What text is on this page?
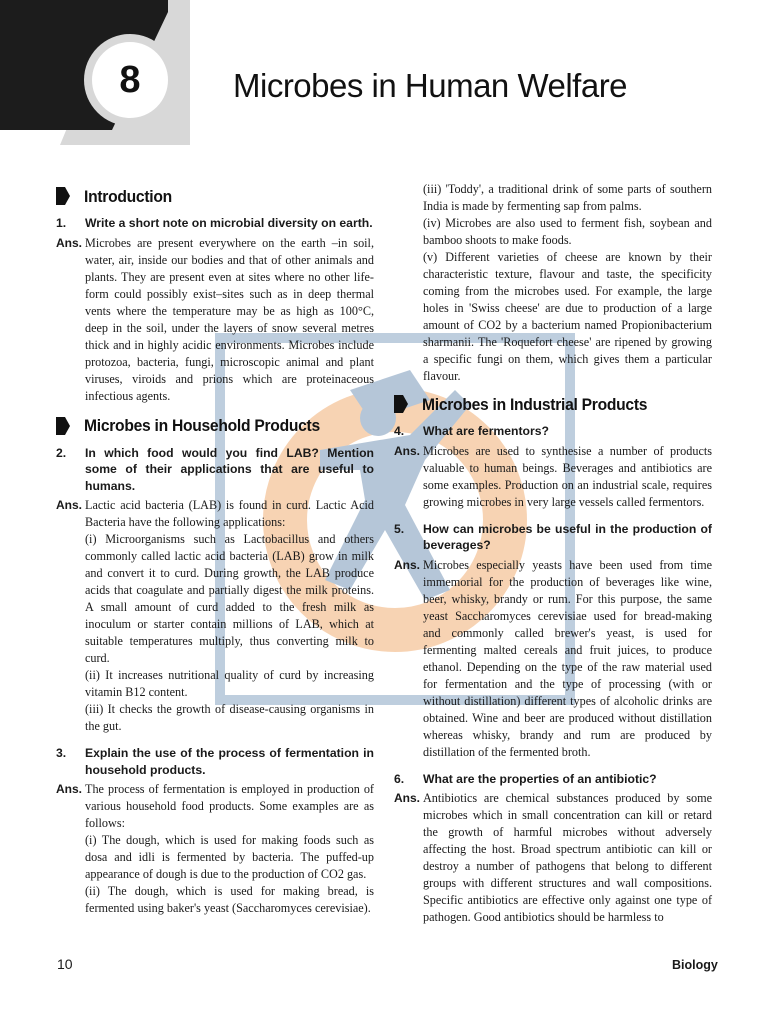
8	Microbes in Human Welfare
Introduction
1.	Write a short note on microbial diversity on earth.
Ans. Microbes are present everywhere on the earth –in soil, water, air, inside our bodies and that of other animals and plants. They are present even at sites where no other life-form could possibly exist–sites such as in deep thermal vents where the temperature may be as high as 100°C, deep in the soil, under the layers of snow several metres thick and in highly acidic environments. Microbes include protozoa, bacteria, fungi, microscopic animal and plant viruses, viroids and prions which are proteinaceous infectious agents.
Microbes in Household Products
2.	In which food would you find LAB? Mention some of their applications that are useful to humans.
Ans. Lactic acid bacteria (LAB) is found in curd. Lactic Acid Bacteria have the following applications:
(i) Microorganisms such as Lactobacillus and others commonly called lactic acid bacteria (LAB) grow in milk and convert it to curd. During growth, the LAB produce acids that coagulate and partially digest the milk proteins. A small amount of curd added to the fresh milk as inoculum or starter contain millions of LAB, which at suitable temperatures multiply, thus converting milk to curd.
(ii) It increases nutritional quality of curd by increasing vitamin B12 content.
(iii) It checks the growth of disease-causing organisms in the gut.
3.	Explain the use of the process of fermentation in household products.
Ans. The process of fermentation is employed in production of various household food products. Some examples are as follows:
(i) The dough, which is used for making foods such as dosa and idli is fermented by bacteria. The puffed-up appearance of dough is due to the production of CO2 gas.
(ii) The dough, which is used for making bread, is fermented using baker's yeast (Saccharomyces cerevisiae).
(iii) 'Toddy', a traditional drink of some parts of southern India is made by fermenting sap from palms.
(iv) Microbes are also used to ferment fish, soybean and bamboo shoots to make foods.
(v) Different varieties of cheese are known by their characteristic texture, flavour and taste, the specificity coming from the microbes used. For example, the large holes in 'Swiss cheese' are due to production of a large amount of CO2 by a bacterium named Propionibacterium sharmanii. The 'Roquefort cheese' are ripened by growing a specific fungi on them, which gives them a particular flavour.
Microbes in Industrial Products
4.	What are fermentors?
Ans. Microbes are used to synthesise a number of products valuable to human beings. Beverages and antibiotics are some examples. Production on an industrial scale, requires growing microbes in very large vessels called fermentors.
5.	How can microbes be useful in the production of beverages?
Ans. Microbes especially yeasts have been used from time immemorial for the production of beverages like wine, beer, whisky, brandy or rum. For this purpose, the same yeast Saccharomyces cerevisiae used for bread-making and commonly called brewer's yeast, is used for fermenting malted cereals and fruit juices, to produce ethanol. Depending on the type of the raw material used for fermentation and the type of processing (with or without distillation) different types of alcoholic drinks are obtained. Wine and beer are produced without distillation whereas whisky, brandy and rum are produced by distillation of the fermented broth.
6.	What are the properties of an antibiotic?
Ans. Antibiotics are chemical substances produced by some microbes which in small concentration can kill or retard the growth of harmful microbes without adversely affecting the host. Broad spectrum antibiotic can kill or destroy a number of pathogens that belong to different groups with different structures and wall compositions. Specific antibiotics are effective only against one type of pathogen. Good antibiotics should be harmless to
10	Biology
